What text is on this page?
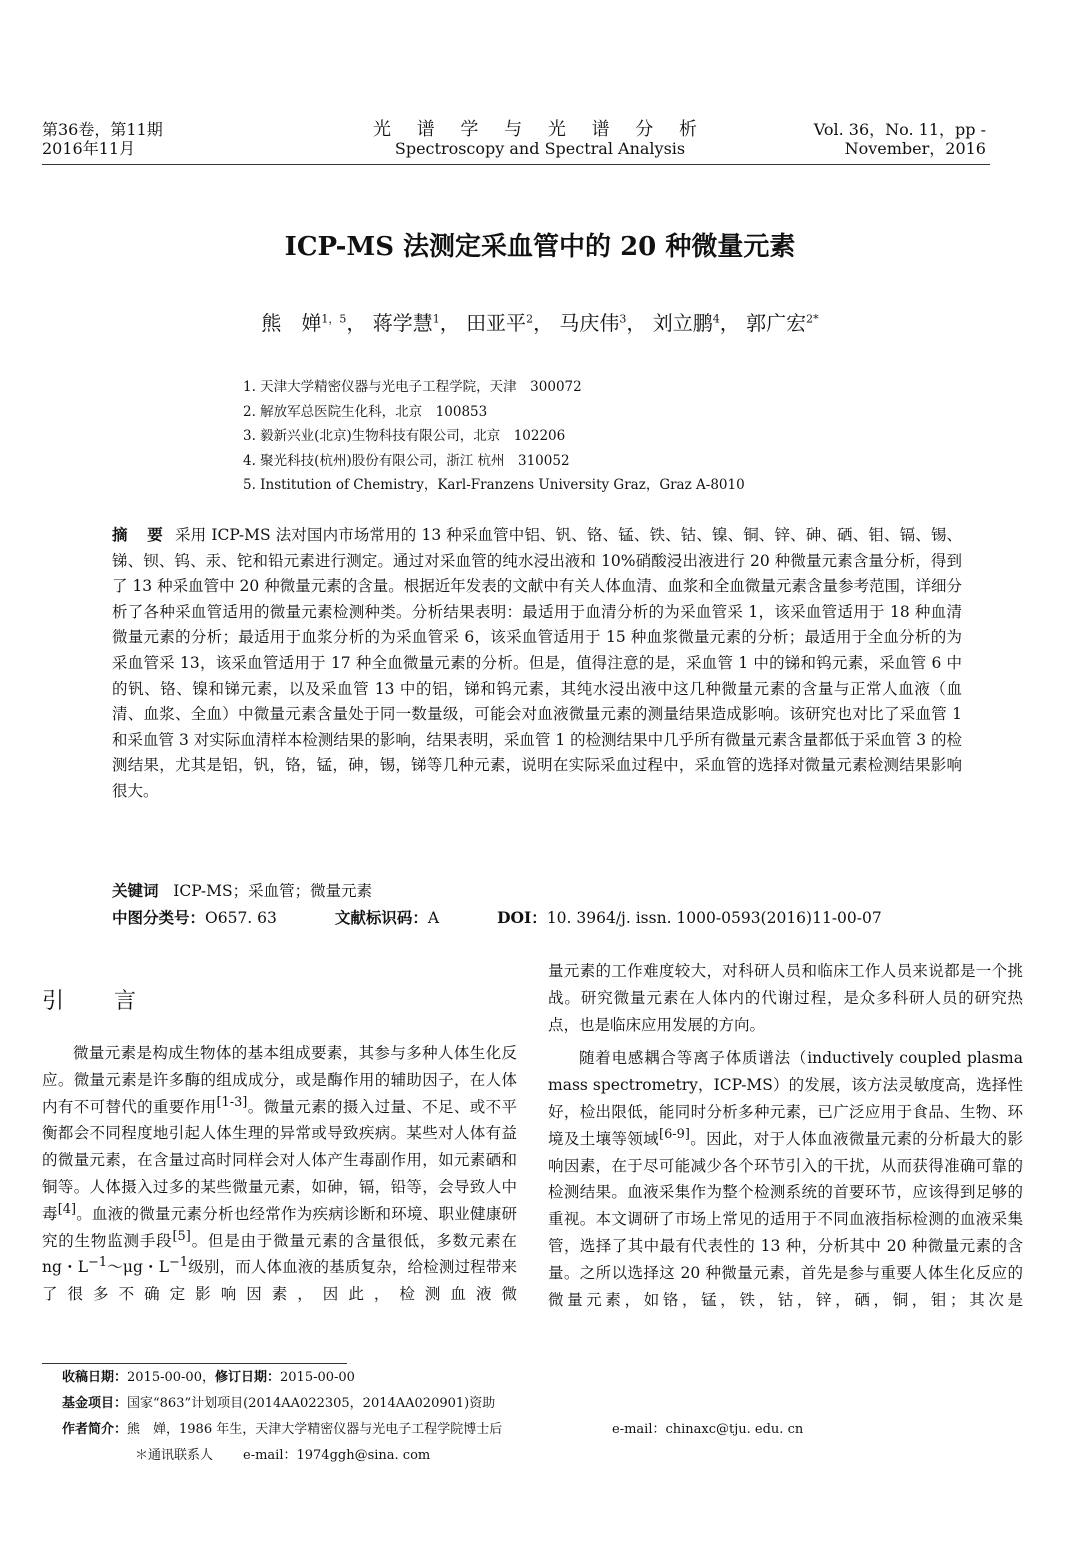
第36卷，第11期
2016年11月
光 谱 学 与 光 谱 分 析
Spectroscopy and Spectral Analysis
Vol. 36，No. 11，pp -
November，2016
ICP-MS 法测定采血管中的 20 种微量元素
熊　婵$^{1,5}$， 蒋学慧$^1$， 田亚平$^2$， 马庆伟$^3$， 刘立鹏$^4$， 郭广宏$^{2*}$
1. 天津大学精密仪器与光电子工程学院，天津　300072
2. 解放军总医院生化科，北京　100853
3. 毅新兴业(北京)生物科技有限公司，北京　102206
4. 聚光科技(杭州)股份有限公司，浙江 杭州　310052
5. Institution of Chemistry，Karl-Franzens University Graz，Graz A-8010
摘　要 采用 ICP-MS 法对国内市场常用的 13 种采血管中铝、钒、铬、锰、铁、钴、镍、铜、锌、砷、硒、钼、镉、锡、锑、钡、钨、汞、铊和铅元素进行测定。通过对采血管的纯水浸出液和 10%硝酸浸出液进行 20 种微量元素含量分析，得到了 13 种采血管中 20 种微量元素的含量。根据近年发表的文献中有关人体血清、血浆和全血微量元素含量参考范围，详细分析了各种采血管适用的微量元素检测种类。分析结果表明：最适用于血清分析的为采血管采 1，该采血管适用于 18 种血清微量元素的分析；最适用于血浆分析的为采血管采 6，该采血管适用于 15 种血浆微量元素的分析；最适用于全血分析的为采血管采 13，该采血管适用于 17 种全血微量元素的分析。但是，值得注意的是，采血管 1 中的锑和钨元素，采血管 6 中的钒、铬、镍和锑元素，以及采血管 13 中的铝，锑和钨元素，其纯水浸出液中这几种微量元素的含量与正常人血液（血清、血浆、全血）中微量元素含量处于同一数量级，可能会对血液微量元素的测量结果造成影响。该研究也对比了采血管 1 和采血管 3 对实际血清样本检测结果的影响，结果表明，采血管 1 的检测结果中几乎所有微量元素含量都低于采血管 3 的检测结果，尤其是铝，钒，铬，锰，砷，锡，锑等几种元素，说明在实际采血过程中，采血管的选择对微量元素检测结果影响很大。
关键词 ICP-MS；采血管；微量元素
中图分类号：O657. 63	文献标识码：A	DOI：10. 3964/j. issn. 1000-0593(2016)11-00-07
引　言

微量元素是构成生物体的基本组成要素，其参与多种人体生化反应。微量元素是许多酶的组成成分，或是酶作用的辅助因子，在人体内有不可替代的重要作用[1-3]。微量元素的摄入过量、不足、或不平衡都会不同程度地引起人体生理的异常或导致疾病。某些对人体有益的微量元素，在含量过高时同样会对人体产生毒副作用，如元素硒和铜等。人体摄入过多的某些微量元素，如砷，镉，铅等，会导致人中毒[4]。血液的微量元素分析也经常作为疾病诊断和环境、职业健康研究的生物监测手段[5]。但是由于微量元素的含量很低，多数元素在 ng・$L^{-1}\sim\mu g$・$L^{-1}$级别，而人体血液的基质复杂，给检测过程带来了很多不确定影响因素，因此，检测血液微

量元素的工作难度较大，对科研人员和临床工作人员来说都是一个挑战。研究微量元素在人体内的代谢过程，是众多科研人员的研究热点，也是临床应用发展的方向。

随着电感耦合等离子体质谱法（inductively coupled plasma mass spectrometry，ICP-MS）的发展，该方法灵敏度高，选择性好，检出限低，能同时分析多种元素，已广泛应用于食品、生物、环境及土壤等领域[6-9]。因此，对于人体血液微量元素的分析最大的影响因素，在于尽可能减少各个环节引入的干扰，从而获得准确可靠的检测结果。血液采集作为整个检测系统的首要环节，应该得到足够的重视。本文调研了市场上常见的适用于不同血液指标检测的血液采集管，选择了其中最有代表性的 13 种，分析其中 20 种微量元素的含量。之所以选择这 20 种微量元素，首先是参与重要人体生化反应的微量元素，如铬，锰，铁，钴，锌，硒，铜，钼；其次是

收稿日期：2015-00-00，修订日期：2015-00-00
基金项目：国家“863”计划项目(2014AA022305，2014AA020901)资助
作者简介：熊　婵，1986 年生，天津大学精密仪器与光电子工程学院博士后	e-mail：chinaxc@tju. edu. cn
＊通讯联系人 e-mail：1974ggh@sina. com
